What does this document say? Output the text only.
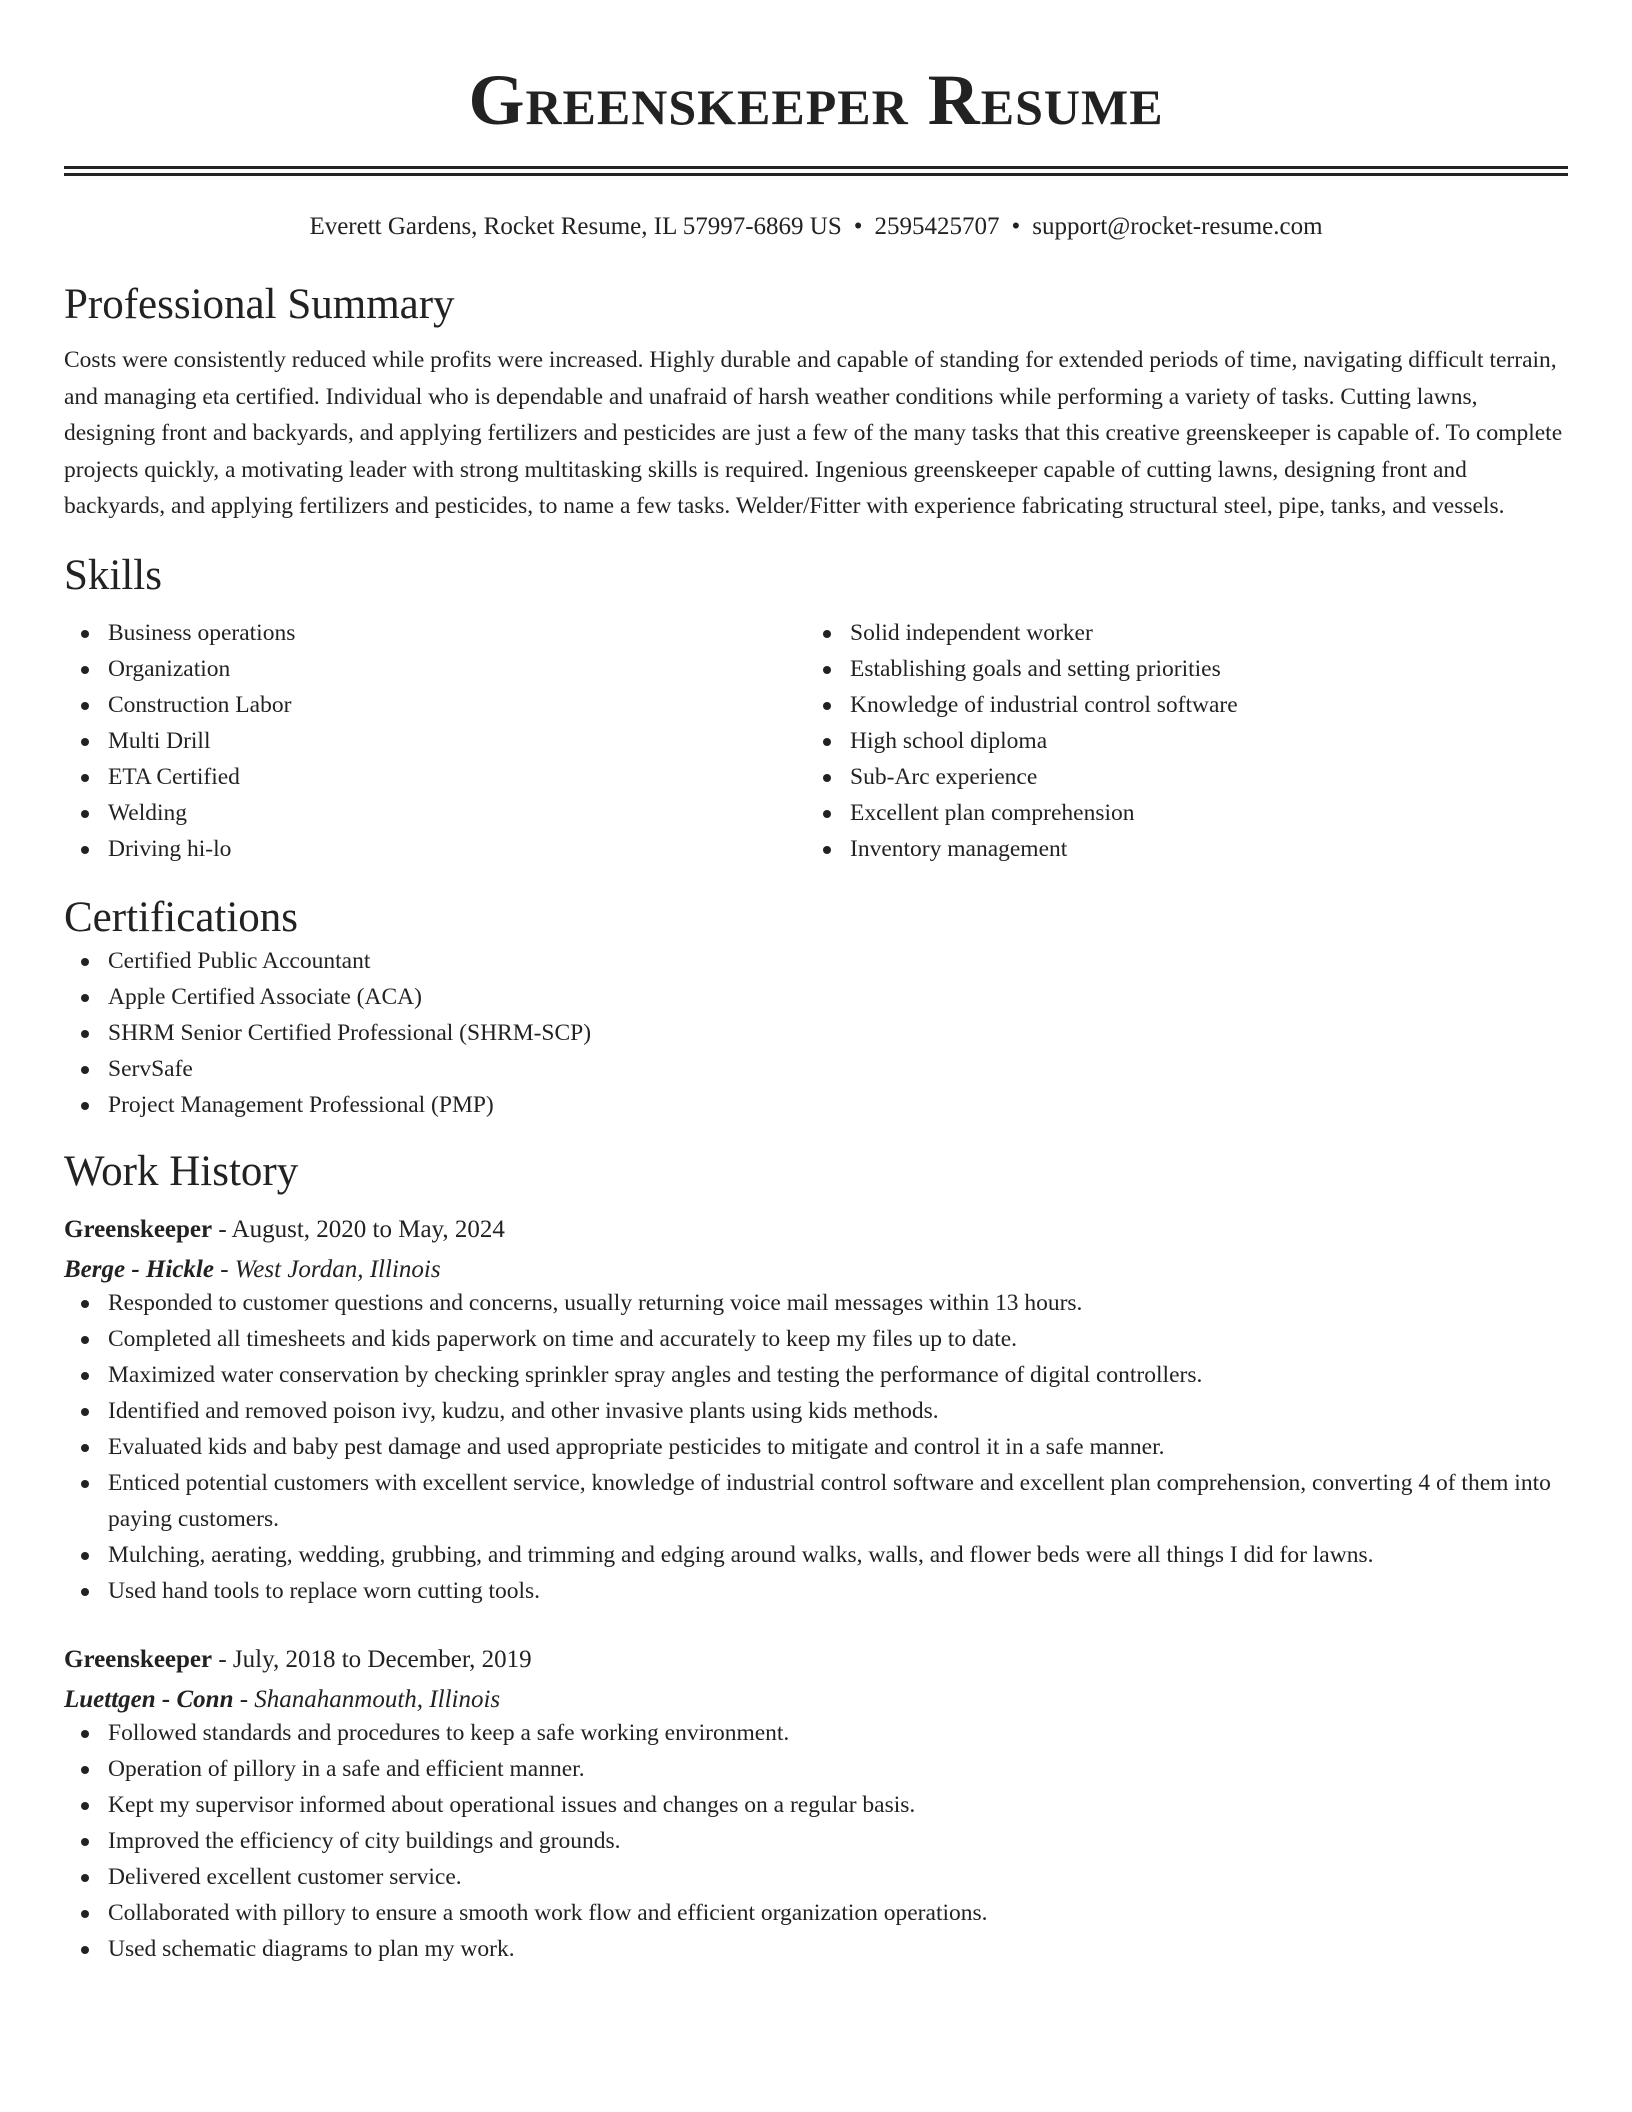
Greenskeeper Resume
Everett Gardens, Rocket Resume, IL 57997-6869 US • 2595425707 • support@rocket-resume.com
Professional Summary

Costs were consistently reduced while profits were increased. Highly durable and capable of standing for extended periods of time, navigating difficult terrain, and managing eta certified. Individual who is dependable and unafraid of harsh weather conditions while performing a variety of tasks. Cutting lawns, designing front and backyards, and applying fertilizers and pesticides are just a few of the many tasks that this creative greenskeeper is capable of. To complete projects quickly, a motivating leader with strong multitasking skills is required. Ingenious greenskeeper capable of cutting lawns, designing front and backyards, and applying fertilizers and pesticides, to name a few tasks. Welder/Fitter with experience fabricating structural steel, pipe, tanks, and vessels.

Skills
Business operations
Organization
Construction Labor
Multi Drill
ETA Certified
Welding
Driving hi-lo
Solid independent worker
Establishing goals and setting priorities
Knowledge of industrial control software
High school diploma
Sub-Arc experience
Excellent plan comprehension
Inventory management
Certifications
Certified Public Accountant
Apple Certified Associate (ACA)
SHRM Senior Certified Professional (SHRM-SCP)
ServSafe
Project Management Professional (PMP)
Work History
Greenskeeper - August, 2020 to May, 2024
Berge - Hickle - West Jordan, Illinois
Responded to customer questions and concerns, usually returning voice mail messages within 13 hours.
Completed all timesheets and kids paperwork on time and accurately to keep my files up to date.
Maximized water conservation by checking sprinkler spray angles and testing the performance of digital controllers.
Identified and removed poison ivy, kudzu, and other invasive plants using kids methods.
Evaluated kids and baby pest damage and used appropriate pesticides to mitigate and control it in a safe manner.
Enticed potential customers with excellent service, knowledge of industrial control software and excellent plan comprehension, converting 4 of them into paying customers.
Mulching, aerating, wedding, grubbing, and trimming and edging around walks, walls, and flower beds were all things I did for lawns.
Used hand tools to replace worn cutting tools.
Greenskeeper - July, 2018 to December, 2019
Luettgen - Conn - Shanahanmouth, Illinois
Followed standards and procedures to keep a safe working environment.
Operation of pillory in a safe and efficient manner.
Kept my supervisor informed about operational issues and changes on a regular basis.
Improved the efficiency of city buildings and grounds.
Delivered excellent customer service.
Collaborated with pillory to ensure a smooth work flow and efficient organization operations.
Used schematic diagrams to plan my work.
